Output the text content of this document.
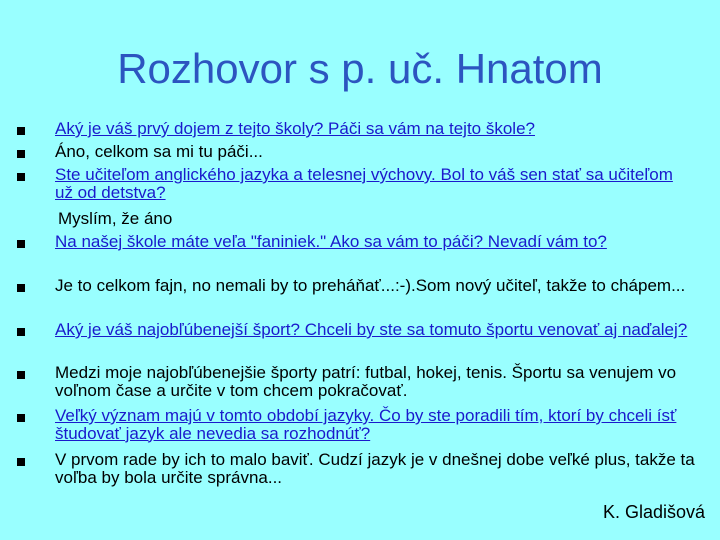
Rozhovor s p. uč. Hnatom
Aký je váš prvý dojem z tejto školy? Páči sa vám na tejto škole?
Áno, celkom sa mi tu páči...
Ste učiteľom anglického jazyka a telesnej výchovy. Bol to váš sen stať sa učiteľom už od detstva?
Myslím, že áno
Na našej škole máte veľa "faniniek." Ako sa vám to páči? Nevadí vám to?
Je to celkom fajn, no nemali by to preháňať...:-).Som nový učiteľ, takže to chápem...
Aký je váš najobľúbenejší šport? Chceli by ste sa tomuto športu venovať aj naďalej?
Medzi moje najobľúbenejšie športy patrí: futbal, hokej, tenis. Športu sa venujem vo voľnom čase a určite v tom chcem pokračovať.
Veľký význam majú v tomto období jazyky. Čo by ste poradili tím, ktorí by chceli ísť študovať jazyk ale nevedia sa rozhodnúť?
V prvom rade by ich to malo baviť. Cudzí jazyk je v dnešnej dobe veľké plus, takže ta voľba by bola určite správna...
K. Gladišová
